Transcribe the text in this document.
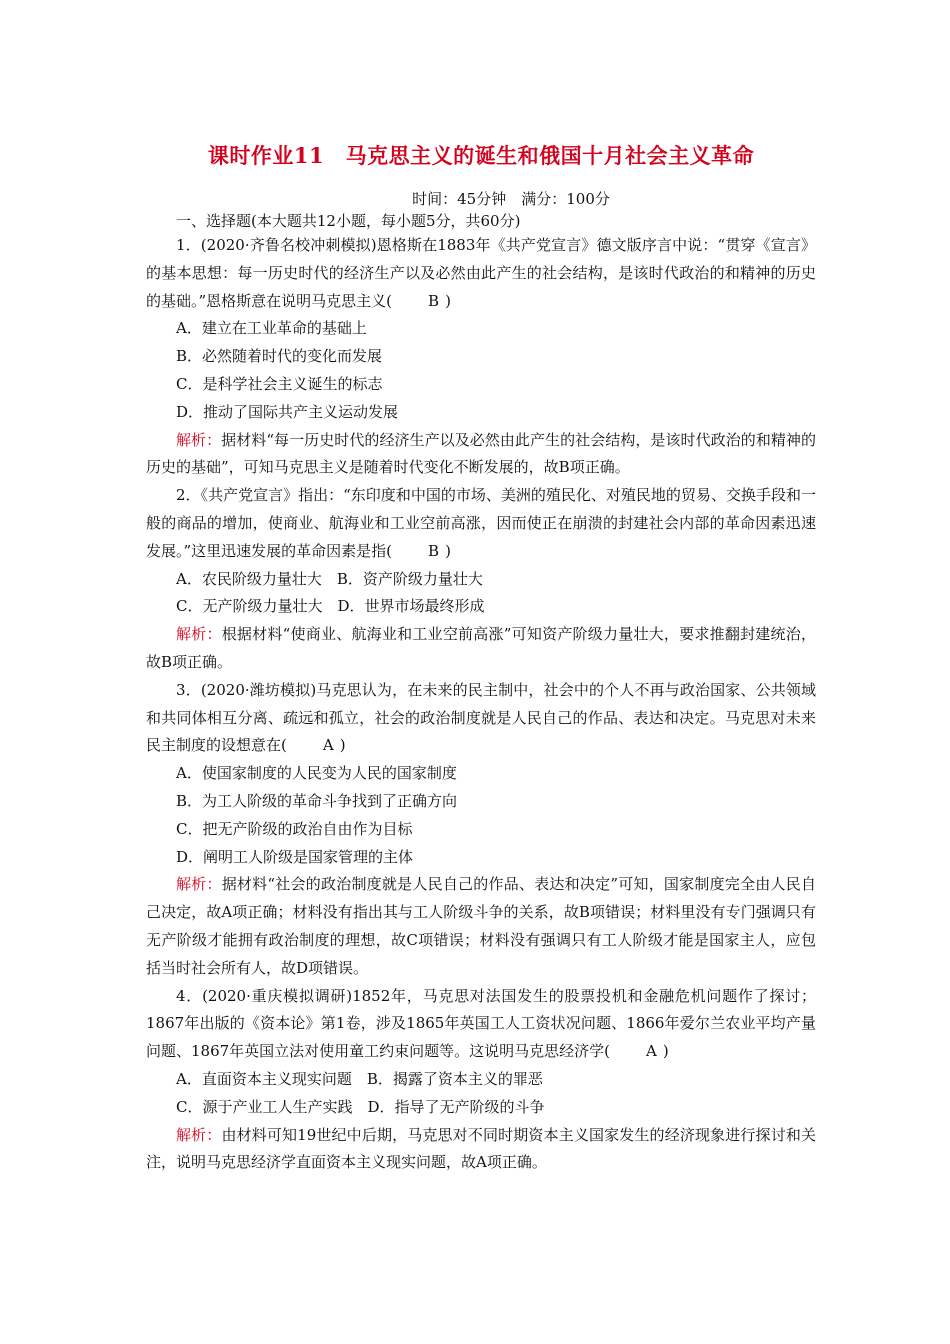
课时作业11　马克思主义的诞生和俄国十月社会主义革命
时间：45分钟　满分：100分
一、选择题(本大题共12小题，每小题5分，共60分)

1．(2020·齐鲁名校冲刺模拟)恩格斯在1883年《共产党宣言》德文版序言中说：“贯穿《宣言》的基本思想：每一历史时代的经济生产以及必然由此产生的社会结构，是该时代政治的和精神的历史的基础。”恩格斯意在说明马克思主义( B )

A．建立在工业革命的基础上

B．必然随着时代的变化而发展

C．是科学社会主义诞生的标志

D．推动了国际共产主义运动发展

解析：据材料“每一历史时代的经济生产以及必然由此产生的社会结构，是该时代政治的和精神的历史的基础”，可知马克思主义是随着时代变化不断发展的，故B项正确。

2．《共产党宣言》指出：“东印度和中国的市场、美洲的殖民化、对殖民地的贸易、交换手段和一般的商品的增加，使商业、航海业和工业空前高涨，因而使正在崩溃的封建社会内部的革命因素迅速发展。”这里迅速发展的革命因素是指( B )

A．农民阶级力量壮大　B．资产阶级力量壮大

C．无产阶级力量壮大　D．世界市场最终形成

解析：根据材料“使商业、航海业和工业空前高涨”可知资产阶级力量壮大，要求推翻封建统治，故B项正确。

3．(2020·潍坊模拟)马克思认为，在未来的民主制中，社会中的个人不再与政治国家、公共领域和共同体相互分离、疏远和孤立，社会的政治制度就是人民自己的作品、表达和决定。马克思对未来民主制度的设想意在( A )

A．使国家制度的人民变为人民的国家制度

B．为工人阶级的革命斗争找到了正确方向

C．把无产阶级的政治自由作为目标

D．阐明工人阶级是国家管理的主体

解析：据材料“社会的政治制度就是人民自己的作品、表达和决定”可知，国家制度完全由人民自己决定，故A项正确；材料没有指出其与工人阶级斗争的关系，故B项错误；材料里没有专门强调只有无产阶级才能拥有政治制度的理想，故C项错误；材料没有强调只有工人阶级才能是国家主人，应包括当时社会所有人，故D项错误。

4．(2020·重庆模拟调研)1852年，马克思对法国发生的股票投机和金融危机问题作了探讨；1867年出版的《资本论》第1卷，涉及1865年英国工人工资状况问题、1866年爱尔兰农业平均产量问题、1867年英国立法对使用童工约束问题等。这说明马克思经济学( A )

A．直面资本主义现实问题　B．揭露了资本主义的罪恶

C．源于产业工人生产实践　D．指导了无产阶级的斗争

解析：由材料可知19世纪中后期，马克思对不同时期资本主义国家发生的经济现象进行探讨和关注，说明马克思经济学直面资本主义现实问题，故A项正确。
